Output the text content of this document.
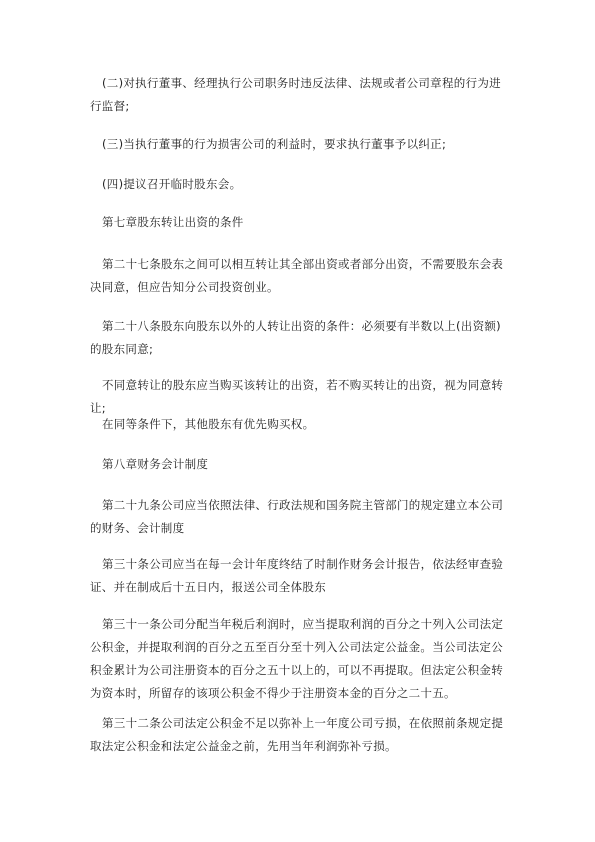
(二)对执行董事、经理执行公司职务时违反法律、法规或者公司章程的行为进行监督;

(三)当执行董事的行为损害公司的利益时，要求执行董事予以纠正;

(四)提议召开临时股东会。

第七章股东转让出资的条件

第二十七条股东之间可以相互转让其全部出资或者部分出资，不需要股东会表决同意，但应告知分公司投资创业。

第二十八条股东向股东以外的人转让出资的条件：必须要有半数以上(出资额)的股东同意;

不同意转让的股东应当购买该转让的出资，若不购买转让的出资，视为同意转让;

在同等条件下，其他股东有优先购买权。

第八章财务会计制度

第二十九条公司应当依照法律、行政法规和国务院主管部门的规定建立本公司的财务、会计制度

第三十条公司应当在每一会计年度终结了时制作财务会计报告，依法经审查验证、并在制成后十五日内，报送公司全体股东

第三十一条公司分配当年税后利润时，应当提取利润的百分之十列入公司法定公积金，并提取利润的百分之五至百分至十列入公司法定公益金。当公司法定公积金累计为公司注册资本的百分之五十以上的，可以不再提取。但法定公积金转为资本时，所留存的该项公积金不得少于注册资本金的百分之二十五。

第三十二条公司法定公积金不足以弥补上一年度公司亏损，在依照前条规定提取法定公积金和法定公益金之前，先用当年利润弥补亏损。
